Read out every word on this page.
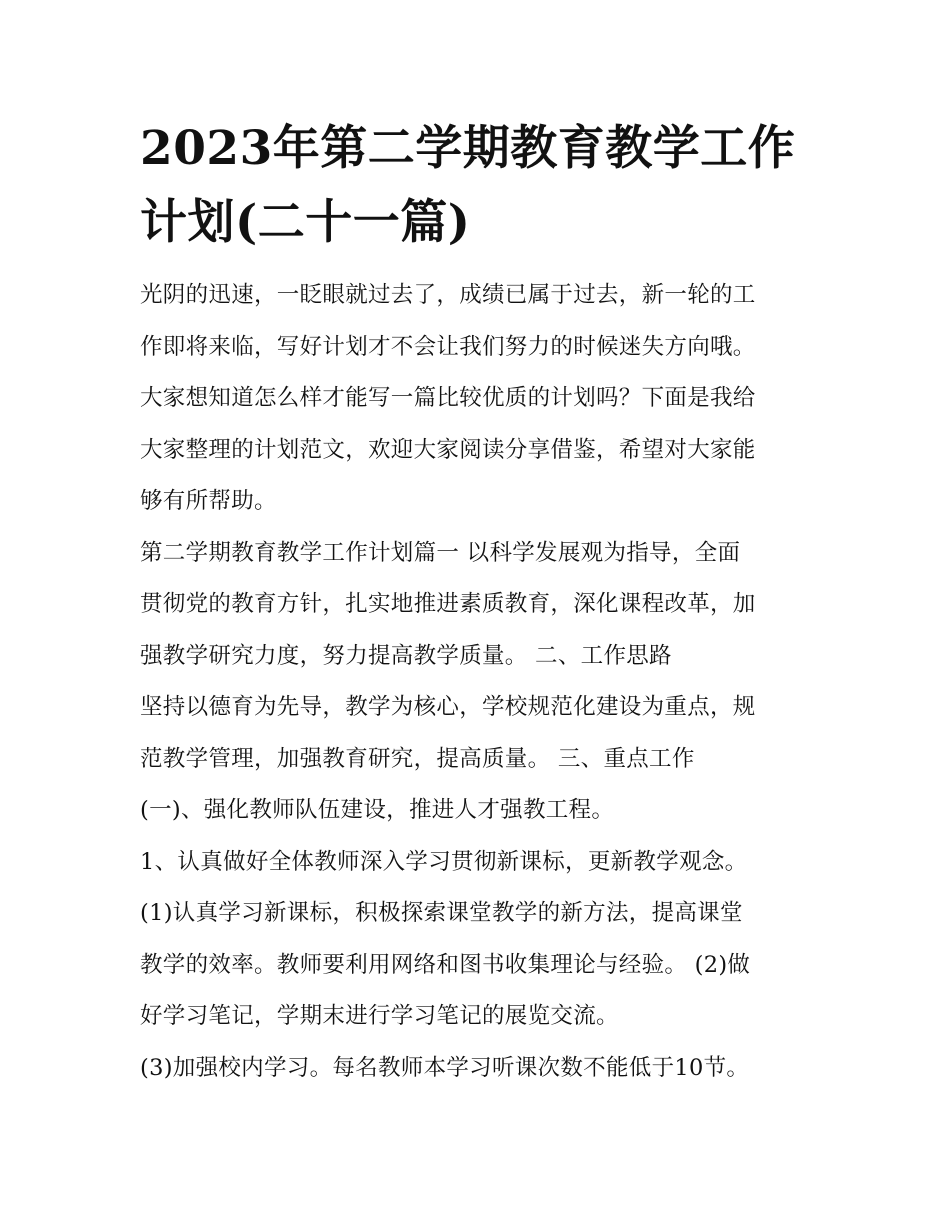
2023年第二学期教育教学工作
计划(二十一篇)
光阴的迅速，一眨眼就过去了，成绩已属于过去，新一轮的工
作即将来临，写好计划才不会让我们努力的时候迷失方向哦。
大家想知道怎么样才能写一篇比较优质的计划吗？下面是我给
大家整理的计划范文，欢迎大家阅读分享借鉴，希望对大家能
够有所帮助。
第二学期教育教学工作计划篇一 以科学发展观为指导，全面
贯彻党的教育方针，扎实地推进素质教育，深化课程改革，加
强教学研究力度，努力提高教学质量。 二、工作思路
坚持以德育为先导，教学为核心，学校规范化建设为重点，规
范教学管理，加强教育研究，提高质量。 三、重点工作
(一)、强化教师队伍建设，推进人才强教工程。
1、认真做好全体教师深入学习贯彻新课标，更新教学观念。
(1)认真学习新课标，积极探索课堂教学的新方法，提高课堂
教学的效率。教师要利用网络和图书收集理论与经验。 (2)做
好学习笔记，学期末进行学习笔记的展览交流。
(3)加强校内学习。每名教师本学习听课次数不能低于10节。
